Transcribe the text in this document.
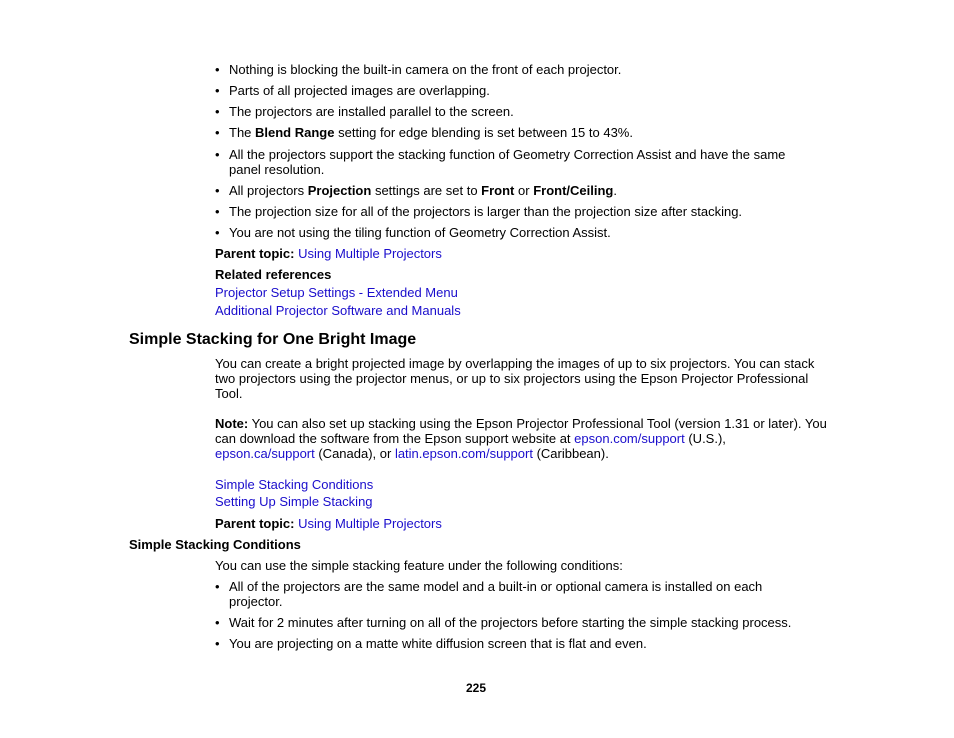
• Nothing is blocking the built-in camera on the front of each projector.
• Parts of all projected images are overlapping.
• The projectors are installed parallel to the screen.
• The Blend Range setting for edge blending is set between 15 to 43%.
• All the projectors support the stacking function of Geometry Correction Assist and have the same panel resolution.
• All projectors Projection settings are set to Front or Front/Ceiling.
• The projection size for all of the projectors is larger than the projection size after stacking.
• You are not using the tiling function of Geometry Correction Assist.
Parent topic: Using Multiple Projectors
Related references
Projector Setup Settings - Extended Menu
Additional Projector Software and Manuals
Simple Stacking for One Bright Image
You can create a bright projected image by overlapping the images of up to six projectors. You can stack two projectors using the projector menus, or up to six projectors using the Epson Projector Professional Tool.
Note: You can also set up stacking using the Epson Projector Professional Tool (version 1.31 or later). You can download the software from the Epson support website at epson.com/support (U.S.), epson.ca/support (Canada), or latin.epson.com/support (Caribbean).
Simple Stacking Conditions
Setting Up Simple Stacking
Parent topic: Using Multiple Projectors
Simple Stacking Conditions
You can use the simple stacking feature under the following conditions:
• All of the projectors are the same model and a built-in or optional camera is installed on each projector.
• Wait for 2 minutes after turning on all of the projectors before starting the simple stacking process.
• You are projecting on a matte white diffusion screen that is flat and even.
225
